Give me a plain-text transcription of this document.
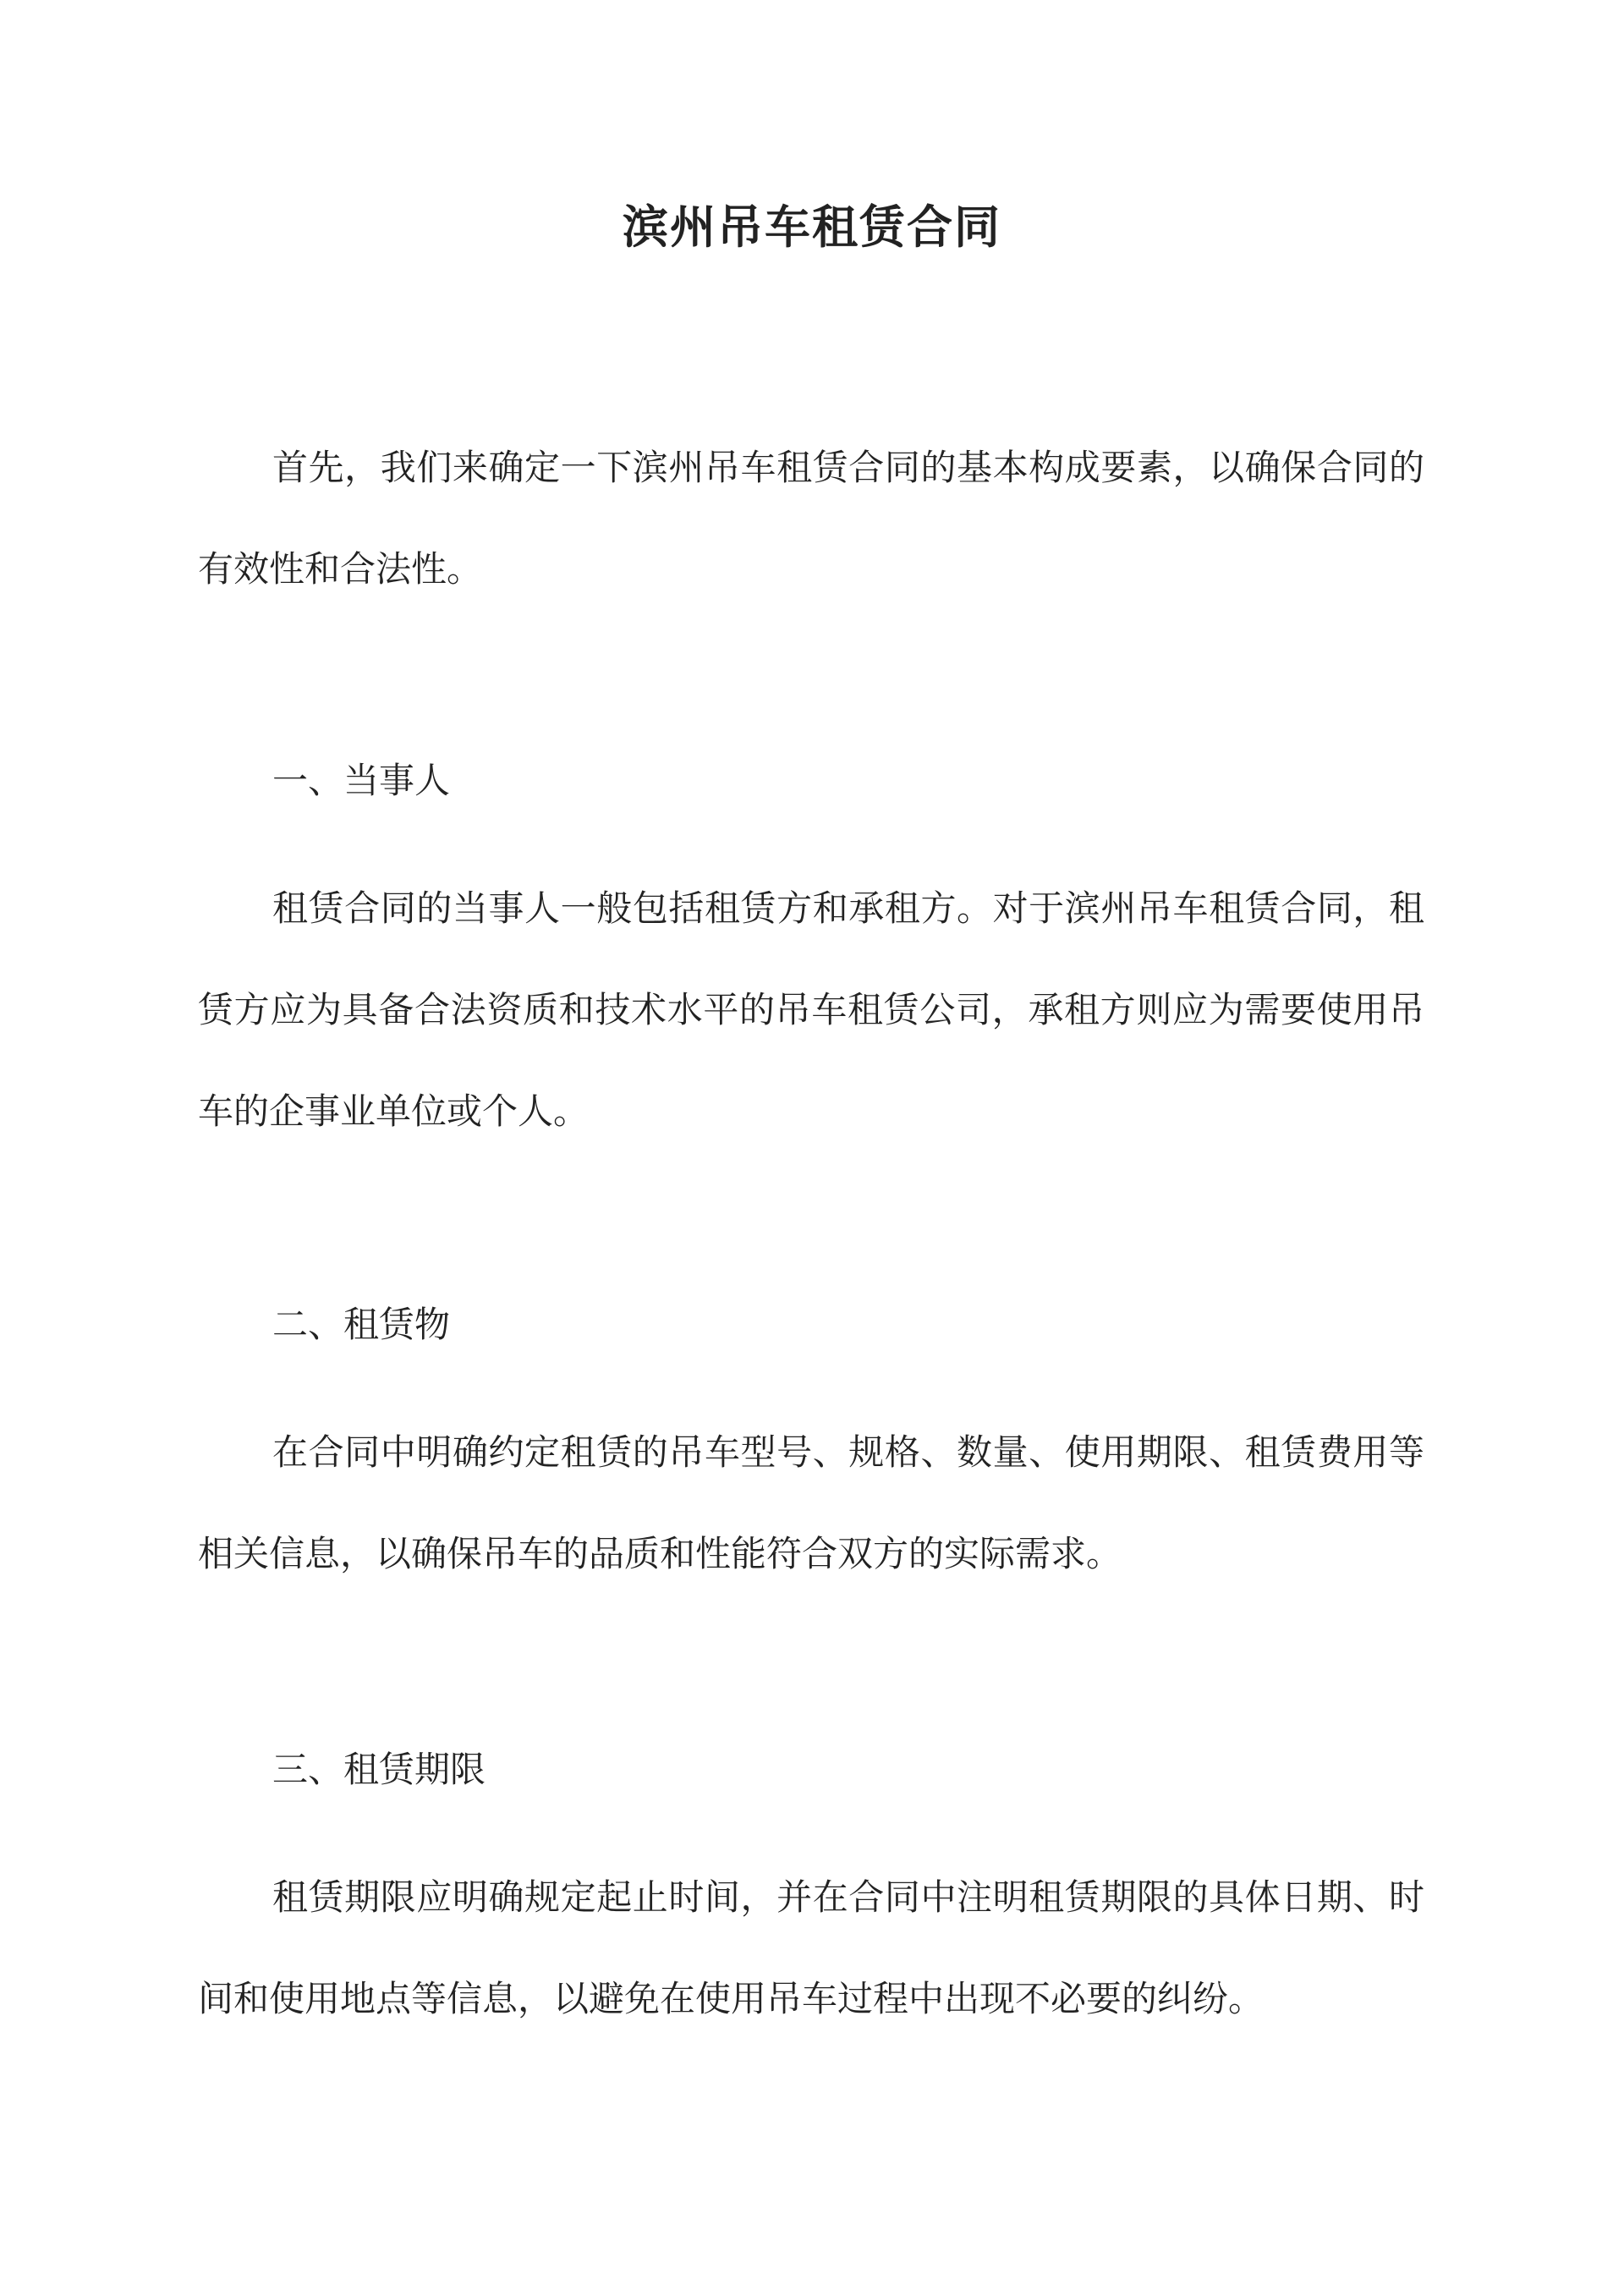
滨州吊车租赁合同

首先，我们来确定一下滨州吊车租赁合同的基本构成要素，以确保合同的有效性和合法性。

一、当事人

租赁合同的当事人一般包括租赁方和承租方。对于滨州吊车租赁合同，租赁方应为具备合法资质和技术水平的吊车租赁公司，承租方则应为需要使用吊车的企事业单位或个人。

二、租赁物

在合同中明确约定租赁的吊车型号、规格、数量、使用期限、租赁费用等相关信息，以确保吊车的品质和性能符合双方的实际需求。

三、租赁期限

租赁期限应明确规定起止时间，并在合同中注明租赁期限的具体日期、时间和使用地点等信息，以避免在使用吊车过程中出现不必要的纠纷。
